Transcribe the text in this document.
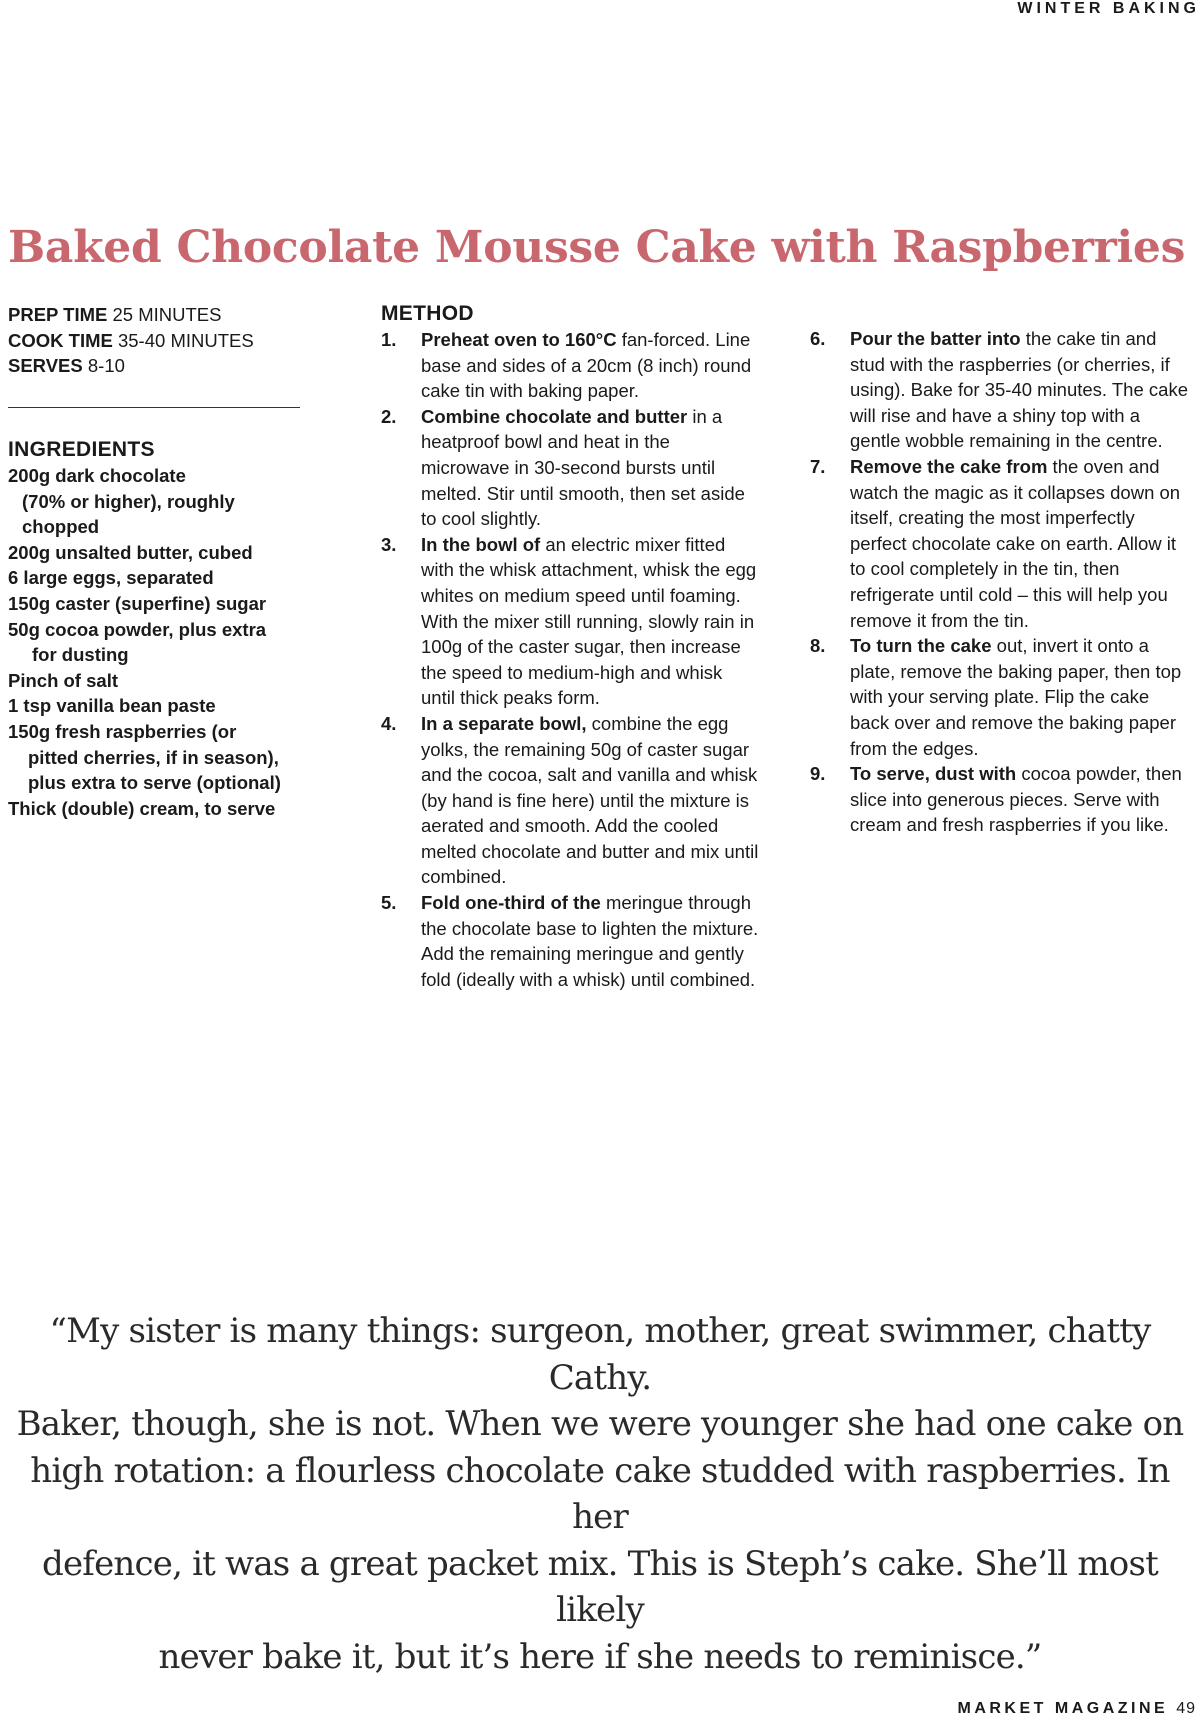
WINTER BAKING
Baked Chocolate Mousse Cake with Raspberries
PREP TIME 25 MINUTES
COOK TIME 35-40 MINUTES
SERVES 8-10
INGREDIENTS
200g dark chocolate
(70% or higher), roughly
chopped
200g unsalted butter, cubed
6 large eggs, separated
150g caster (superfine) sugar
50g cocoa powder, plus extra
for dusting
Pinch of salt
1 tsp vanilla bean paste
150g fresh raspberries (or
pitted cherries, if in season),
plus extra to serve (optional)
Thick (double) cream, to serve
METHOD
1.	Preheat oven to 160°C fan-forced. Line base and sides of a 20cm (8 inch) round cake tin with baking paper.
2.	Combine chocolate and butter in a heatproof bowl and heat in the microwave in 30-second bursts until melted. Stir until smooth, then set aside to cool slightly.
3.	In the bowl of an electric mixer fitted with the whisk attachment, whisk the egg whites on medium speed until foaming. With the mixer still running, slowly rain in 100g of the caster sugar, then increase the speed to medium-high and whisk until thick peaks form.
4.	In a separate bowl, combine the egg yolks, the remaining 50g of caster sugar and the cocoa, salt and vanilla and whisk (by hand is fine here) until the mixture is aerated and smooth. Add the cooled melted chocolate and butter and mix until combined.
5.	Fold one-third of the meringue through the chocolate base to lighten the mixture. Add the remaining meringue and gently fold (ideally with a whisk) until combined.
6.	Pour the batter into the cake tin and stud with the raspberries (or cherries, if using). Bake for 35-40 minutes. The cake will rise and have a shiny top with a gentle wobble remaining in the centre.
7.	Remove the cake from the oven and watch the magic as it collapses down on itself, creating the most imperfectly perfect chocolate cake on earth. Allow it to cool completely in the tin, then refrigerate until cold – this will help you remove it from the tin.
8.	To turn the cake out, invert it onto a plate, remove the baking paper, then top with your serving plate. Flip the cake back over and remove the baking paper from the edges.
9.	To serve, dust with cocoa powder, then slice into generous pieces. Serve with cream and fresh raspberries if you like.
“My sister is many things: surgeon, mother, great swimmer, chatty Cathy.
Baker, though, she is not. When we were younger she had one cake on
high rotation: a flourless chocolate cake studded with raspberries. In her
defence, it was a great packet mix. This is Steph’s cake. She’ll most likely
never bake it, but it’s here if she needs to reminisce.”
MARKET MAGAZINE 49
